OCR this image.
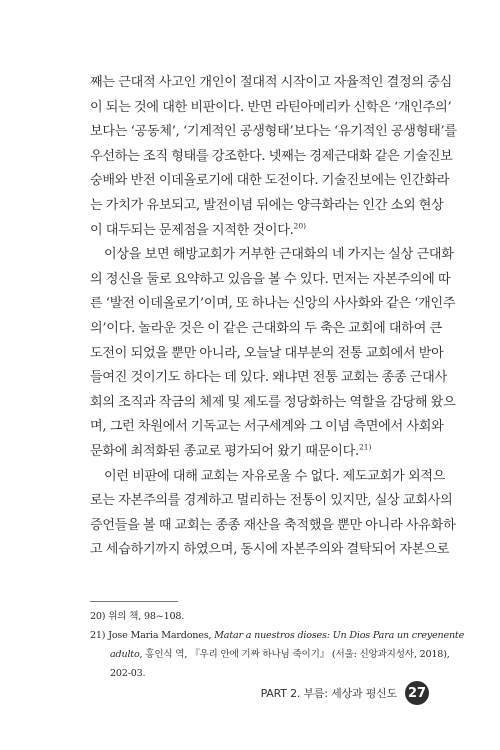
째는 근대적 사고인 개인이 절대적 시작이고 자율적인 결정의 중심
이 되는 것에 대한 비판이다. 반면 라틴아메리카 신학은 ‘개인주의’
보다는 ‘공동체’, ‘기계적인 공생형태’보다는 ‘유기적인 공생형태’를
우선하는 조직 형태를 강조한다. 넷째는 경제근대화 같은 기술진보
숭배와 반전 이데올로기에 대한 도전이다. 기술진보에는 인간화라
는 가치가 유보되고, 발전이념 뒤에는 양극화라는 인간 소외 현상
이 대두되는 문제점을 지적한 것이다.$^{20)}$
이상을 보면 해방교회가 거부한 근대화의 네 가지는 실상 근대화
의 정신을 둘로 요약하고 있음을 볼 수 있다. 먼저는 자본주의에 따
른 ‘발전 이데올로기’이며, 또 하나는 신앙의 사사화와 같은 ‘개인주
의’이다. 놀라운 것은 이 같은 근대화의 두 축은 교회에 대하여 큰
도전이 되었을 뿐만 아니라, 오늘날 대부분의 전통 교회에서 받아
들여진 것이기도 하다는 데 있다. 왜냐면 전통 교회는 종종 근대사
회의 조직과 작금의 체제 및 제도를 정당화하는 역할을 감당해 왔으
며, 그런 차원에서 기독교는 서구세계와 그 이념 측면에서 사회와
문화에 최적화된 종교로 평가되어 왔기 때문이다.$^{21)}$
이런 비판에 대해 교회는 자유로울 수 없다. 제도교회가 외적으
로는 자본주의를 경계하고 멀리하는 전통이 있지만, 실상 교회사의
증언들을 볼 때 교회는 종종 재산을 축적했을 뿐만 아니라 사유화하
고 세습하기까지 하였으며, 동시에 자본주의와 결탁되어 자본으로
20) 위의 책, 98~108.
21) Jose Maria Mardones, Matar a nuestros dioses: Un Dios Para un creyenente
adulto, 홍인식 역, 『우리 안에 기짜 하나님 죽이기』 (서울: 신앙과지성사, 2018),
202-03.
PART 2. 부름: 세상과 평신도 27
